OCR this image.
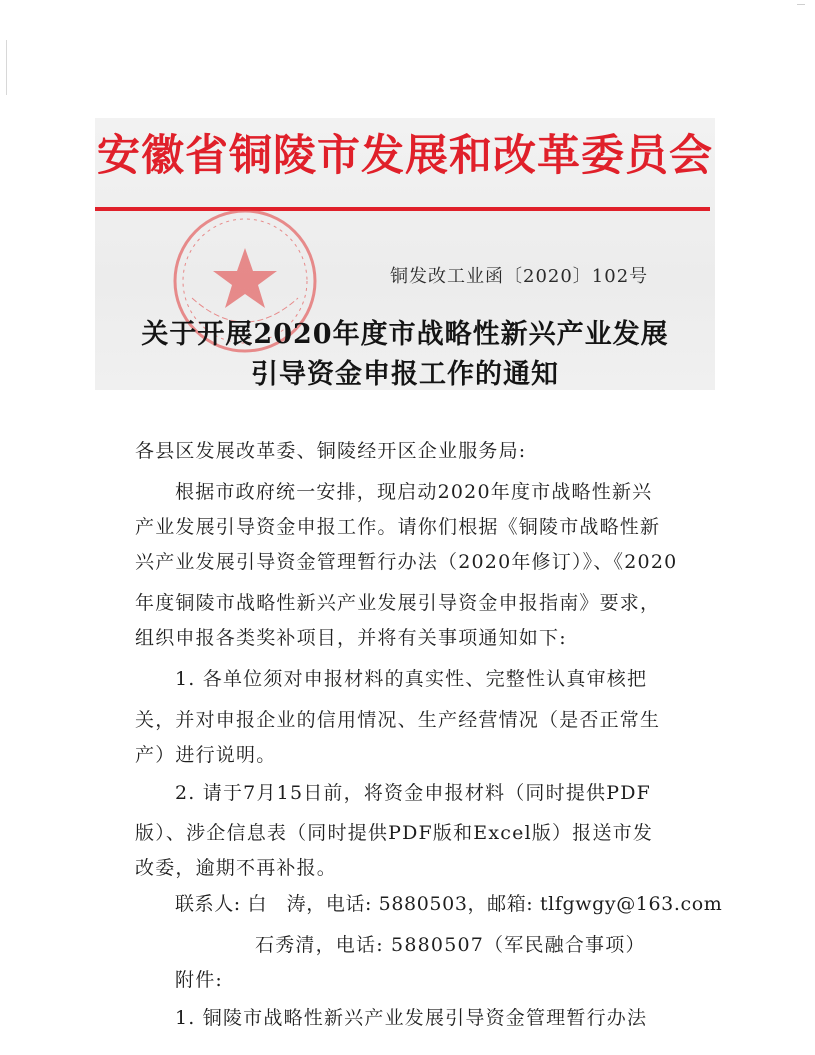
安徽省铜陵市发展和改革委员会
铜发改工业函〔2020〕102号
关于开展2020年度市战略性新兴产业发展
引导资金申报工作的通知
各县区发展改革委、铜陵经开区企业服务局:
根据市政府统一安排，现启动2020年度市战略性新兴
产业发展引导资金申报工作。请你们根据《铜陵市战略性新
兴产业发展引导资金管理暂行办法（2020年修订）》、《2020
年度铜陵市战略性新兴产业发展引导资金申报指南》要求，
组织申报各类奖补项目，并将有关事项通知如下:
1. 各单位须对申报材料的真实性、完整性认真审核把
关，并对申报企业的信用情况、生产经营情况（是否正常生
产）进行说明。
2. 请于7月15日前，将资金申报材料（同时提供PDF
版）、涉企信息表（同时提供PDF版和Excel版）报送市发
改委，逾期不再补报。
联系人: 白　涛，电话: 5880503，邮箱: tlfgwgy@163.com
石秀清，电话: 5880507（军民融合事项）
附件:
1. 铜陵市战略性新兴产业发展引导资金管理暂行办法
